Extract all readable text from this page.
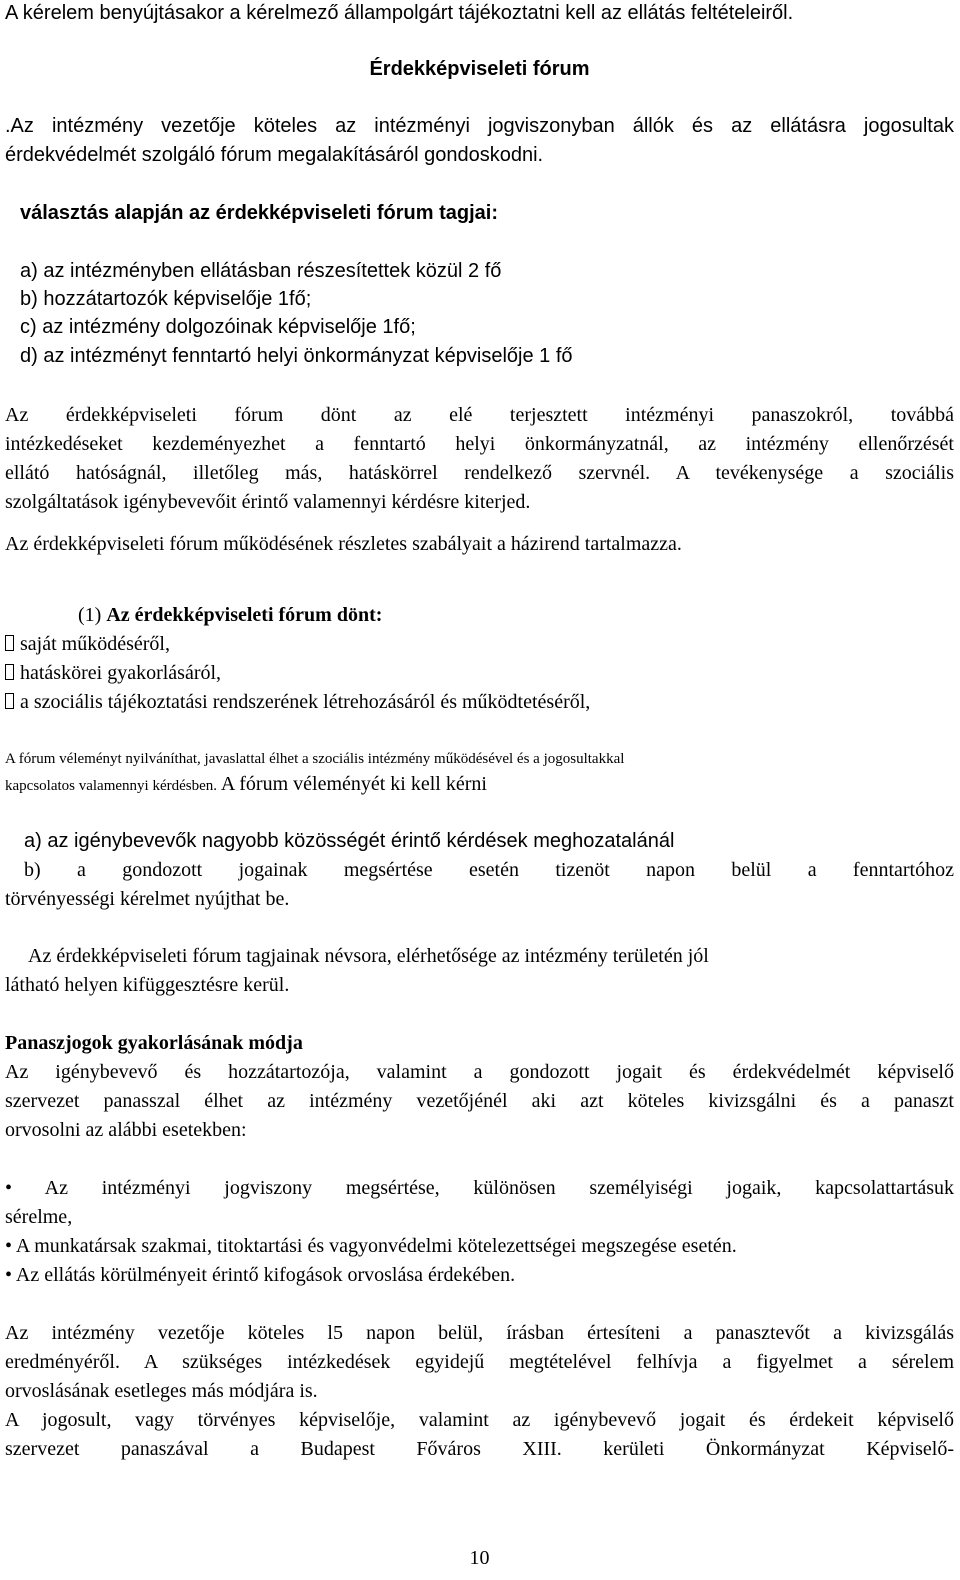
A kérelem benyújtásakor a kérelmező állampolgárt tájékoztatni kell az ellátás feltételeiről.
Érdekképviseleti fórum
.Az intézmény vezetője köteles az intézményi jogviszonyban állók és az ellátásra jogosultak
érdekvédelmét szolgáló fórum megalakításáról gondoskodni.
választás alapján az érdekképviseleti fórum tagjai:
a) az intézményben ellátásban részesítettek közül 2 fő
b) hozzátartozók képviselője 1fő;
c) az intézmény dolgozóinak képviselője 1fő;
d) az intézményt fenntartó helyi önkormányzat képviselője 1 fő
Az érdekképviseleti fórum dönt az elé terjesztett intézményi panaszokról, továbbá
intézkedéseket kezdeményezhet a fenntartó helyi önkormányzatnál, az intézmény ellenőrzését
ellátó hatóságnál, illetőleg más, hatáskörrel rendelkező szervnél. A tevékenysége a szociális
szolgáltatások igénybevevőit érintő valamennyi kérdésre kiterjed.
Az érdekképviseleti fórum működésének részletes szabályait a házirend tartalmazza.
(1) Az érdekképviseleti fórum dönt:
saját működéséről,
hatáskörei gyakorlásáról,
a szociális tájékoztatási rendszerének létrehozásáról és működtetéséről,
A fórum véleményt nyilváníthat, javaslattal élhet a szociális intézmény működésével és a jogosultakkal
kapcsolatos valamennyi kérdésben. A fórum véleményét ki kell kérni
a) az igénybevevők nagyobb közösségét érintő kérdések meghozatalánál
b) a gondozott jogainak megsértése esetén tizenöt napon belül a fenntartóhoz
törvényességi kérelmet nyújthat be.
Az érdekképviseleti fórum tagjainak névsora, elérhetősége az intézmény területén jól
látható helyen kifüggesztésre kerül.
Panaszjogok gyakorlásának módja
Az igénybevevő és hozzátartozója, valamint a gondozott jogait és érdekvédelmét képviselő
szervezet panasszal élhet az intézmény vezetőjénél aki azt köteles kivizsgálni és a panaszt
orvosolni az alábbi esetekben:
• Az intézményi jogviszony megsértése, különösen személyiségi jogaik, kapcsolattartásuk
sérelme,
• A munkatársak szakmai, titoktartási és vagyonvédelmi kötelezettségei megszegése esetén.
• Az ellátás körülményeit érintő kifogások orvoslása érdekében.
Az intézmény vezetője köteles l5 napon belül, írásban értesíteni a panasztevőt a kivizsgálás
eredményéről. A szükséges intézkedések egyidejű megtételével felhívja a figyelmet a sérelem
orvoslásának esetleges más módjára is.
A jogosult, vagy törvényes képviselője, valamint az igénybevevő jogait és érdekeit képviselő
szervezet panaszával a Budapest Főváros XIII. kerületi Önkormányzat Képviselő-
10
